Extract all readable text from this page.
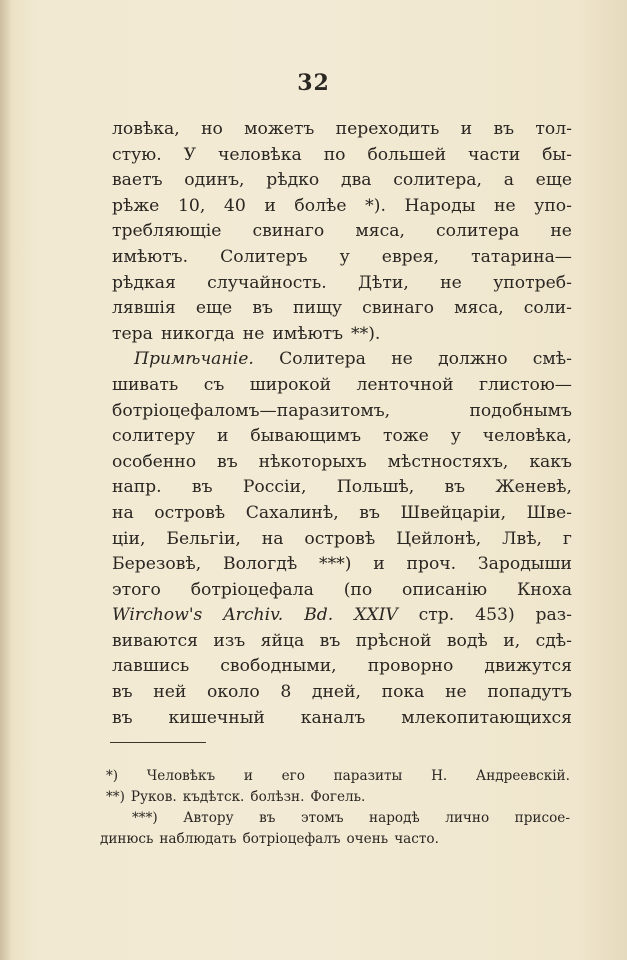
32
ловѣка, но можетъ переходить и въ тол-
стую. У человѣка по большей части бы-
ваетъ одинъ, рѣдко два солитера, а еще
рѣже 10, 40 и болѣе *). Народы не упо-
требляющіе свинаго мяса, солитера не
имѣютъ. Солитеръ у еврея, татарина—
рѣдкая случайность. Дѣти, не употреб-
лявшія еще въ пищу свинаго мяса, соли-
тера никогда не имѣютъ **).
Примѣчаніе. Солитера не должно смѣ-
шивать съ широкой ленточной глистою—
ботріоцефаломъ—паразитомъ,	подобнымъ
солитеру и бывающимъ тоже у человѣка,
особенно въ нѣкоторыхъ мѣстностяхъ, какъ
напр. въ Россіи, Польшѣ, въ Женевѣ,
на островѣ Сахалинѣ, въ Швейцаріи, Шве-
ціи, Бельгіи, на островѣ Цейлонѣ, Лвѣ, г
Березовѣ, Вологдѣ ***) и проч. Зародыши
этого ботріоцефала (по описанію Кноха
Wirchow's Archiv. Bd. XXIV стр. 453) раз-
виваются изъ яйца въ прѣсной водѣ и, сдѣ-
лавшись свободными, проворно движутся
въ ней около 8 дней, пока не попадутъ
въ кишечный каналъ млекопитающихся
*) Человѣкъ и его паразиты Н. Андреевскій.
**) Руков. къдѣтск. болѣзн. Фогель.
***) Автору въ этомъ народѣ лично присое-
динюсь наблюдать ботріоцефалъ очень часто.
